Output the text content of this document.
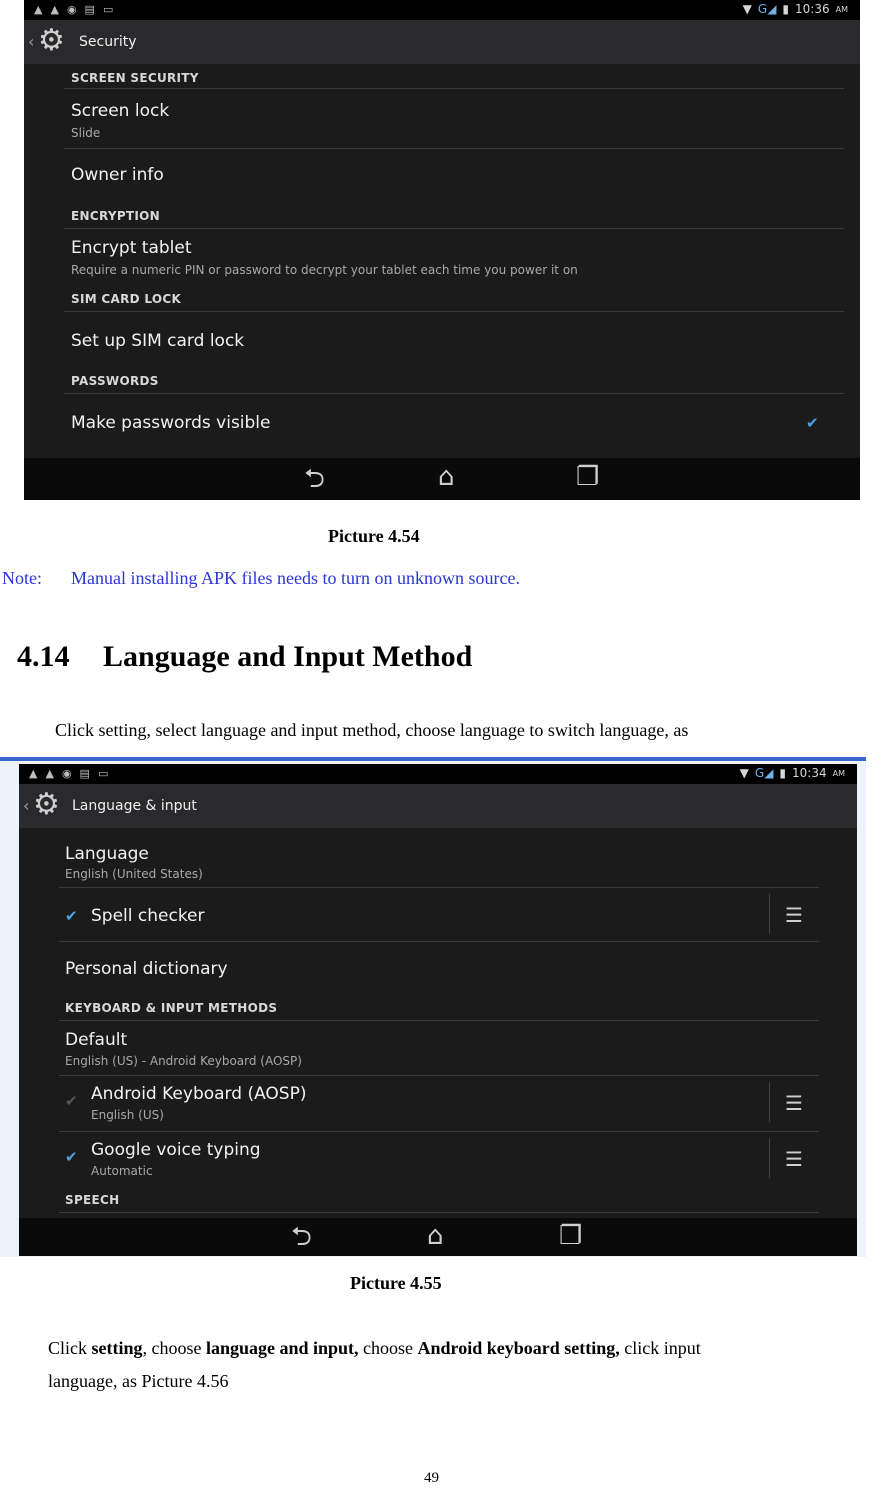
▲ ▲ ◉ ▤ ▭	▼ G◢ ▮ 10:36 AM
‹ ⚙ Security
SCREEN SECURITY
Screen lock
Slide
Owner info
ENCRYPTION
Encrypt tablet
Require a numeric PIN or password to decrypt your tablet each time you power it on
SIM CARD LOCK
Set up SIM card lock
PASSWORDS
Make passwords visible	✔
⮌	⌂	❐
Picture 4.54
Note: Manual installing APK files needs to turn on unknown source.
4.14 Language and Input Method
Click setting, select language and input method, choose language to switch language, as
▲ ▲ ◉ ▤ ▭	▼ G◢ ▮ 10:34 AM
‹ ⚙ Language & input
Language
English (United States)
✔ Spell checker	☰
Personal dictionary
KEYBOARD & INPUT METHODS
Default
English (US) - Android Keyboard (AOSP)
✔ Android Keyboard (AOSP)
English (US)	☰
✔ Google voice typing
Automatic	☰
SPEECH
⮌	⌂	❐
Picture 4.55
Click setting, choose language and input, choose Android keyboard setting, click input
language, as Picture 4.56
49
